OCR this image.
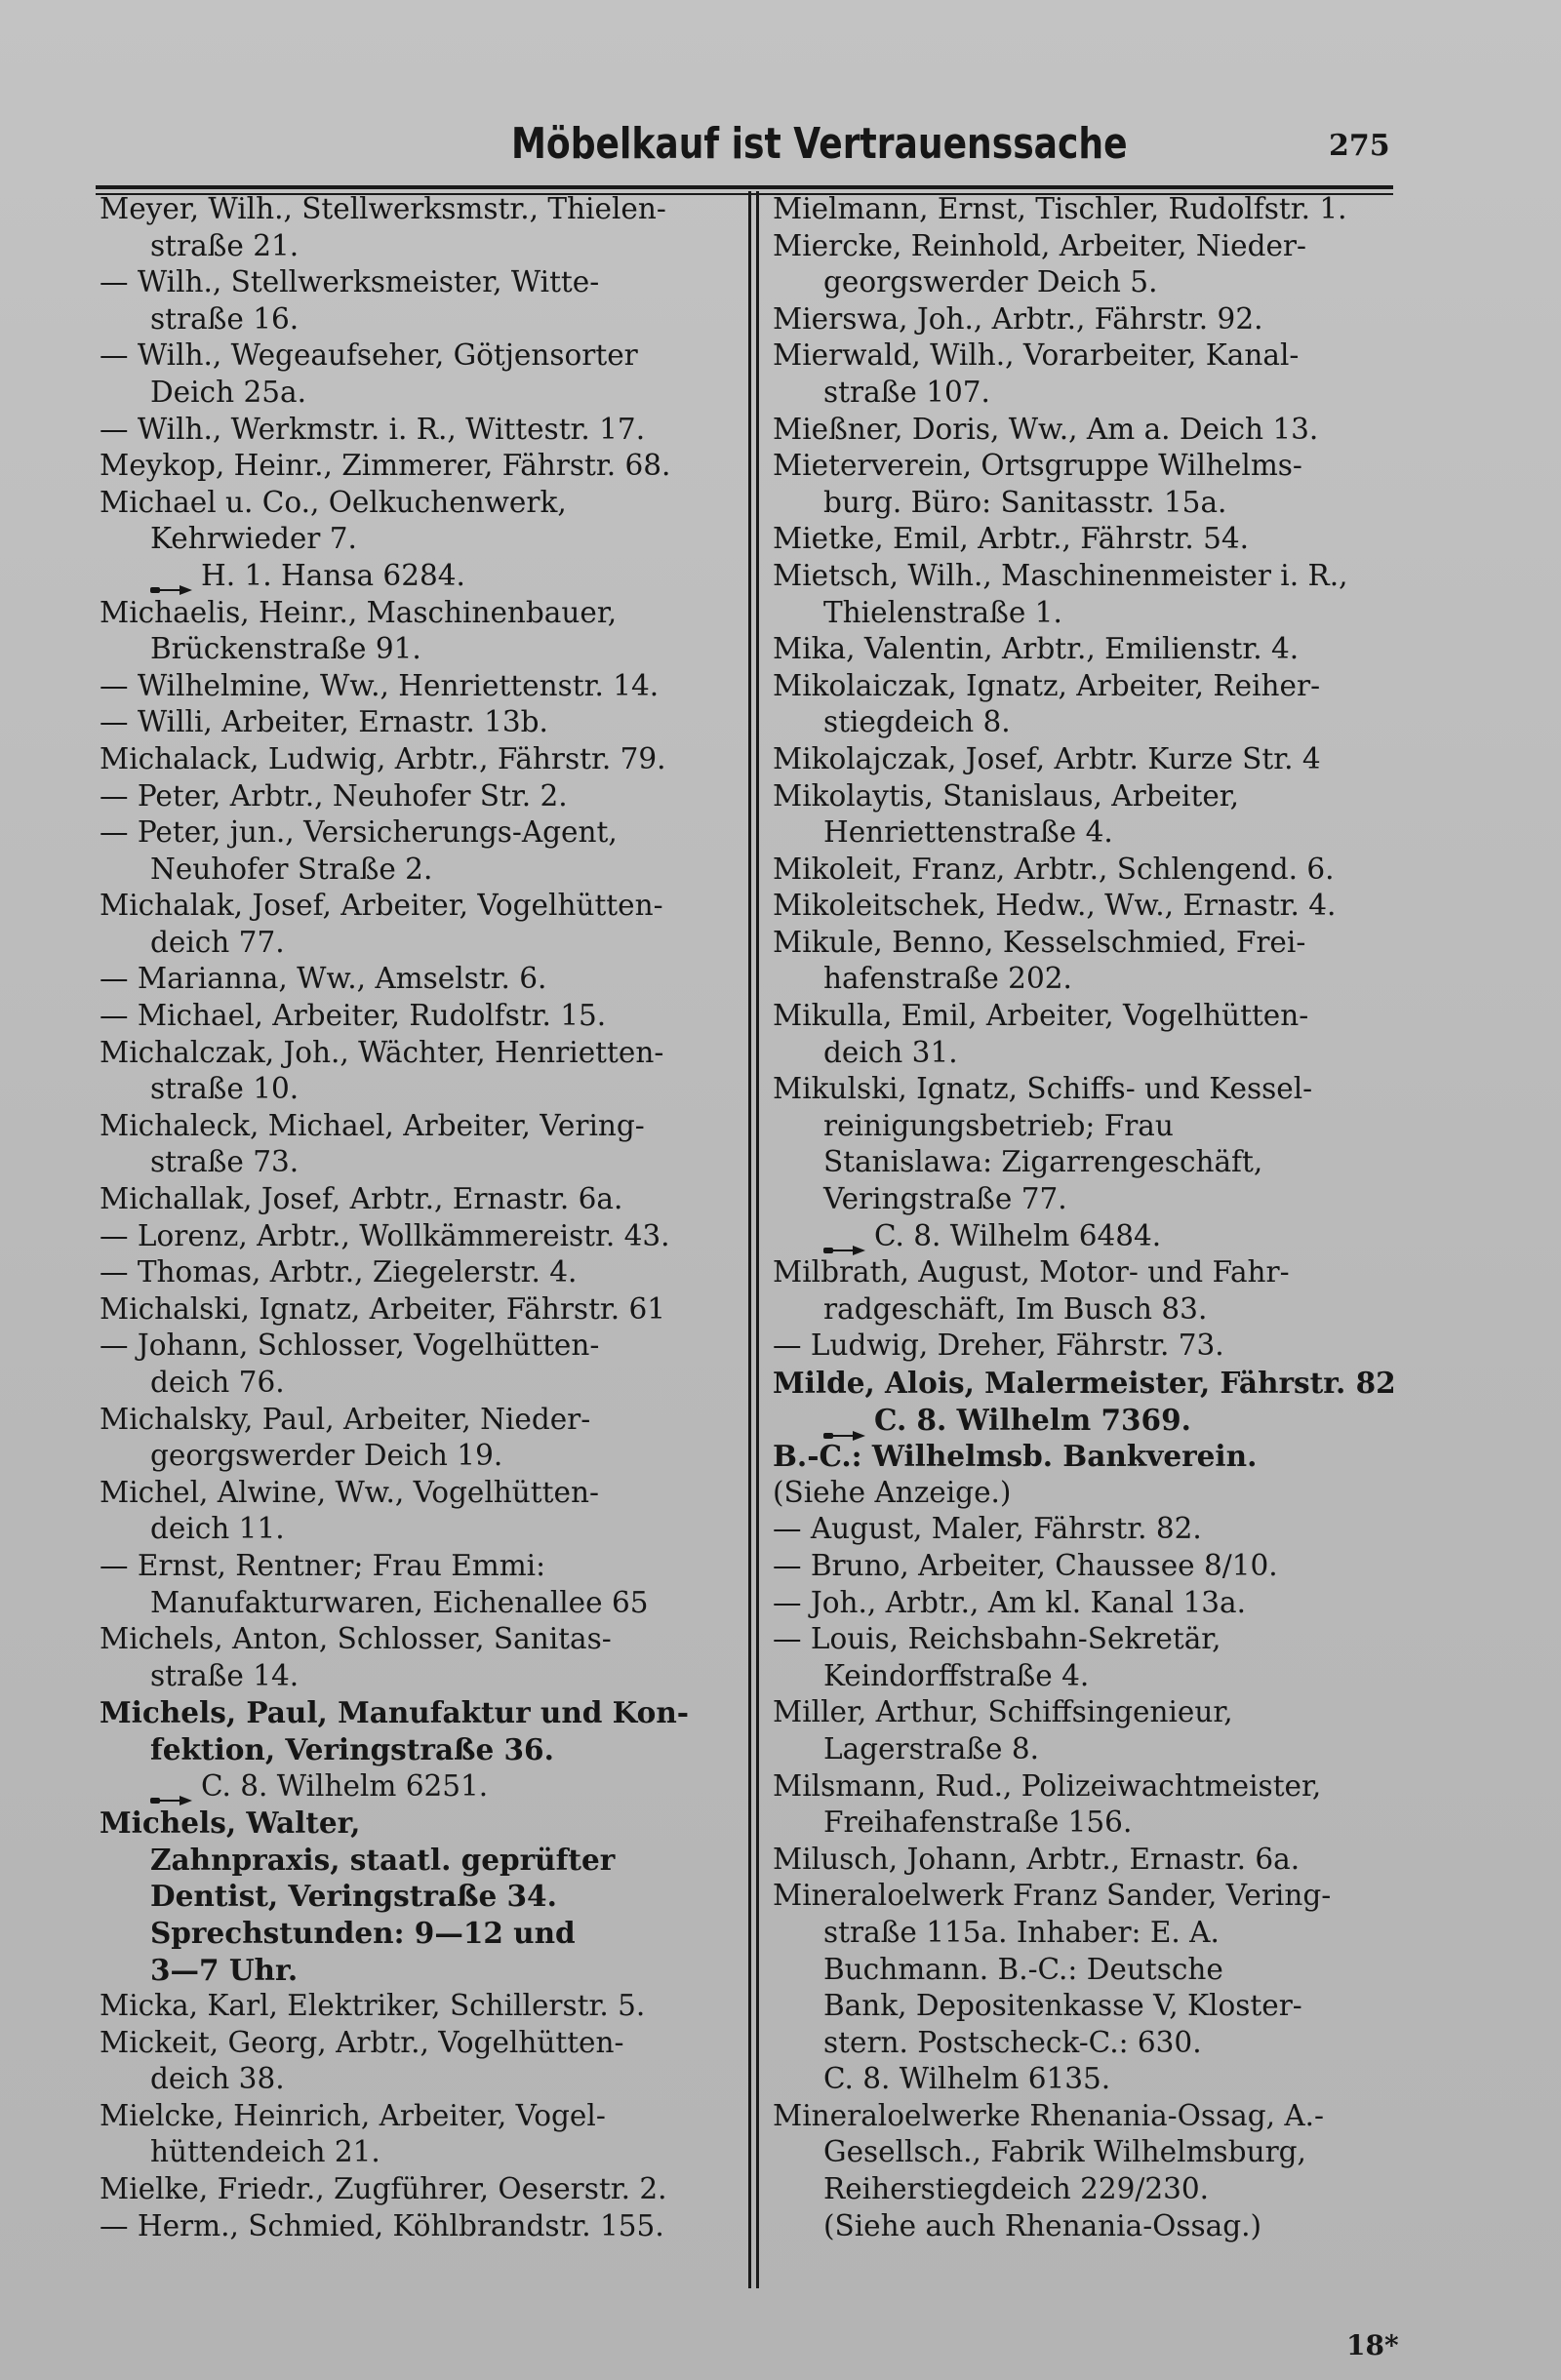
Möbelkauf ist Vertrauenssache	275
Meyer, Wilh., Stellwerksmstr., Thielen-
straße 21.
— Wilh., Stellwerksmeister, Witte-
straße 16.
— Wilh., Wegeaufseher, Götjensorter
Deich 25a.
— Wilh., Werkmstr. i. R., Wittestr. 17.
Meykop, Heinr., Zimmerer, Fährstr. 68.
Michael u. Co., Oelkuchenwerk,
Kehrwieder 7.
H. 1. Hansa 6284.
Michaelis, Heinr., Maschinenbauer,
Brückenstraße 91.
— Wilhelmine, Ww., Henriettenstr. 14.
— Willi, Arbeiter, Ernastr. 13b.
Michalack, Ludwig, Arbtr., Fährstr. 79.
— Peter, Arbtr., Neuhofer Str. 2.
— Peter, jun., Versicherungs-Agent,
Neuhofer Straße 2.
Michalak, Josef, Arbeiter, Vogelhütten-
deich 77.
— Marianna, Ww., Amselstr. 6.
— Michael, Arbeiter, Rudolfstr. 15.
Michalczak, Joh., Wächter, Henrietten-
straße 10.
Michaleck, Michael, Arbeiter, Vering-
straße 73.
Michallak, Josef, Arbtr., Ernastr. 6a.
— Lorenz, Arbtr., Wollkämmereistr. 43.
— Thomas, Arbtr., Ziegelerstr. 4.
Michalski, Ignatz, Arbeiter, Fährstr. 61
— Johann, Schlosser, Vogelhütten-
deich 76.
Michalsky, Paul, Arbeiter, Nieder-
georgswerder Deich 19.
Michel, Alwine, Ww., Vogelhütten-
deich 11.
— Ernst, Rentner; Frau Emmi:
Manufakturwaren, Eichenallee 65
Michels, Anton, Schlosser, Sanitas-
straße 14.
Michels, Paul, Manufaktur und Kon-
fektion, Veringstraße 36.
C. 8. Wilhelm 6251.
Michels, Walter,
Zahnpraxis, staatl. geprüfter
Dentist, Veringstraße 34.
Sprechstunden: 9—12 und
3—7 Uhr.
Micka, Karl, Elektriker, Schillerstr. 5.
Mickeit, Georg, Arbtr., Vogelhütten-
deich 38.
Mielcke, Heinrich, Arbeiter, Vogel-
hüttendeich 21.
Mielke, Friedr., Zugführer, Oeserstr. 2.
— Herm., Schmied, Köhlbrandstr. 155.
Mielmann, Ernst, Tischler, Rudolfstr. 1.
Miercke, Reinhold, Arbeiter, Nieder-
georgswerder Deich 5.
Mierswa, Joh., Arbtr., Fährstr. 92.
Mierwald, Wilh., Vorarbeiter, Kanal-
straße 107.
Mießner, Doris, Ww., Am a. Deich 13.
Mieterverein, Ortsgruppe Wilhelms-
burg. Büro: Sanitasstr. 15a.
Mietke, Emil, Arbtr., Fährstr. 54.
Mietsch, Wilh., Maschinenmeister i. R.,
Thielenstraße 1.
Mika, Valentin, Arbtr., Emilienstr. 4.
Mikolaiczak, Ignatz, Arbeiter, Reiher-
stiegdeich 8.
Mikolajczak, Josef, Arbtr. Kurze Str. 4
Mikolaytis, Stanislaus, Arbeiter,
Henriettenstraße 4.
Mikoleit, Franz, Arbtr., Schlengend. 6.
Mikoleitschek, Hedw., Ww., Ernastr. 4.
Mikule, Benno, Kesselschmied, Frei-
hafenstraße 202.
Mikulla, Emil, Arbeiter, Vogelhütten-
deich 31.
Mikulski, Ignatz, Schiffs- und Kessel-
reinigungsbetrieb; Frau
Stanislawa: Zigarrengeschäft,
Veringstraße 77.
C. 8. Wilhelm 6484.
Milbrath, August, Motor- und Fahr-
radgeschäft, Im Busch 83.
— Ludwig, Dreher, Fährstr. 73.
Milde, Alois, Malermeister, Fährstr. 82
C. 8. Wilhelm 7369.
B.-C.: Wilhelmsb. Bankverein.
(Siehe Anzeige.)
— August, Maler, Fährstr. 82.
— Bruno, Arbeiter, Chaussee 8/10.
— Joh., Arbtr., Am kl. Kanal 13a.
— Louis, Reichsbahn-Sekretär,
Keindorffstraße 4.
Miller, Arthur, Schiffsingenieur,
Lagerstraße 8.
Milsmann, Rud., Polizeiwachtmeister,
Freihafenstraße 156.
Milusch, Johann, Arbtr., Ernastr. 6a.
Mineraloelwerk Franz Sander, Vering-
straße 115a. Inhaber: E. A.
Buchmann. B.-C.: Deutsche
Bank, Depositenkasse V, Kloster-
stern. Postscheck-C.: 630.
C. 8. Wilhelm 6135.
Mineraloelwerke Rhenania-Ossag, A.-
Gesellsch., Fabrik Wilhelmsburg,
Reiherstiegdeich 229/230.
(Siehe auch Rhenania-Ossag.)
18*
